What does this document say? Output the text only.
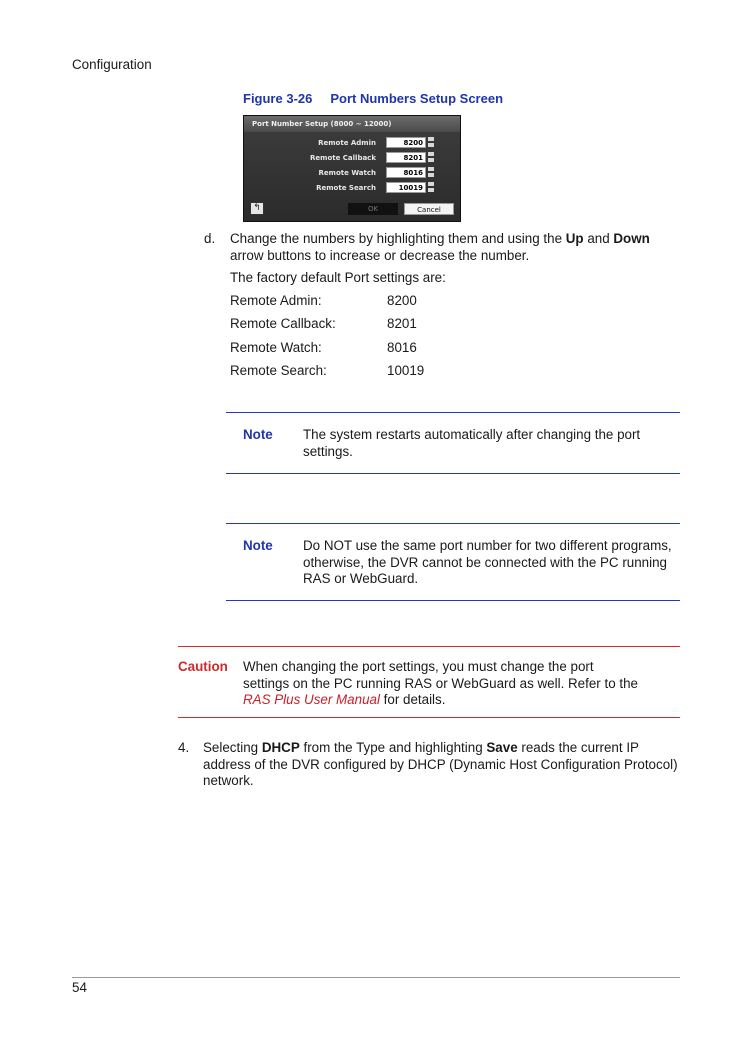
Configuration
Figure 3-26 Port Numbers Setup Screen
Port Number Setup (8000 ~ 12000)
Remote Admin	8200
Remote Callback	8201
Remote Watch	8016
Remote Search	10019
↰	OK	Cancel
d. Change the numbers by highlighting them and using the Up and Down arrow buttons to increase or decrease the number.
The factory default Port settings are:
Remote Admin:	8200
Remote Callback:	8201
Remote Watch:	8016
Remote Search:	10019
Note The system restarts automatically after changing the port settings.
Note Do NOT use the same port number for two different programs, otherwise, the DVR cannot be connected with the PC running RAS or WebGuard.
Caution When changing the port settings, you must change the port
settings on the PC running RAS or WebGuard as well. Refer to the
RAS Plus User Manual for details.
4. Selecting DHCP from the Type and highlighting Save reads the current IP address of the DVR configured by DHCP (Dynamic Host Configuration Protocol) network.
54
